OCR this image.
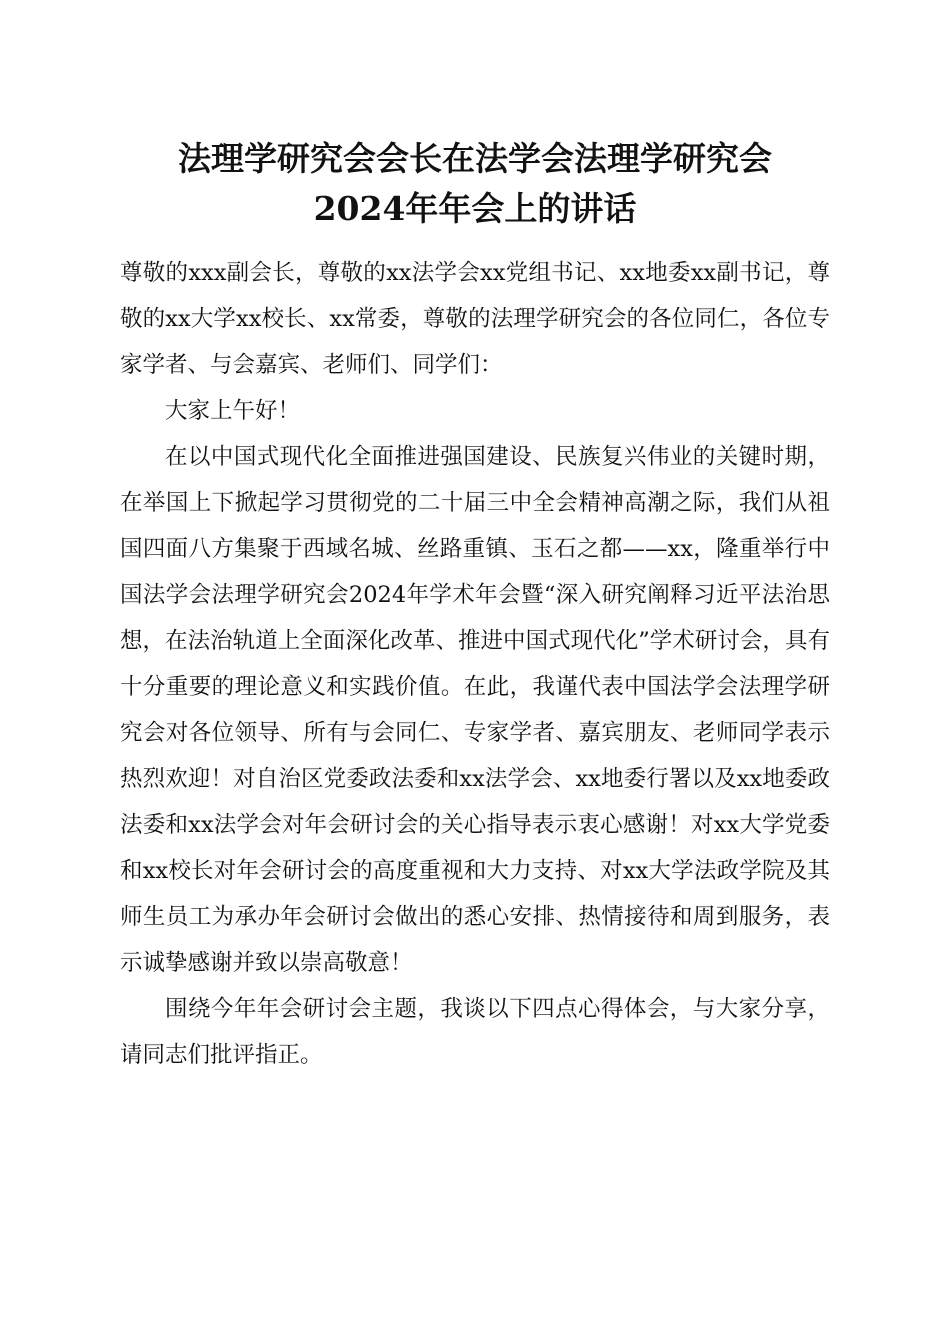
法理学研究会会长在法学会法理学研究会
2024年年会上的讲话

尊敬的xxx副会长，尊敬的xx法学会xx党组书记、xx地委xx副书记，尊敬的xx大学xx校长、xx常委，尊敬的法理学研究会的各位同仁，各位专家学者、与会嘉宾、老师们、同学们：

大家上午好！

在以中国式现代化全面推进强国建设、民族复兴伟业的关键时期，在举国上下掀起学习贯彻党的二十届三中全会精神高潮之际，我们从祖国四面八方集聚于西域名城、丝路重镇、玉石之都——xx，隆重举行中国法学会法理学研究会2024年学术年会暨“深入研究阐释习近平法治思想，在法治轨道上全面深化改革、推进中国式现代化”学术研讨会，具有十分重要的理论意义和实践价值。在此，我谨代表中国法学会法理学研究会对各位领导、所有与会同仁、专家学者、嘉宾朋友、老师同学表示热烈欢迎！对自治区党委政法委和xx法学会、xx地委行署以及xx地委政法委和xx法学会对年会研讨会的关心指导表示衷心感谢！对xx大学党委和xx校长对年会研讨会的高度重视和大力支持、对xx大学法政学院及其师生员工为承办年会研讨会做出的悉心安排、热情接待和周到服务，表示诚挚感谢并致以崇高敬意！

围绕今年年会研讨会主题，我谈以下四点心得体会，与大家分享，请同志们批评指正。
